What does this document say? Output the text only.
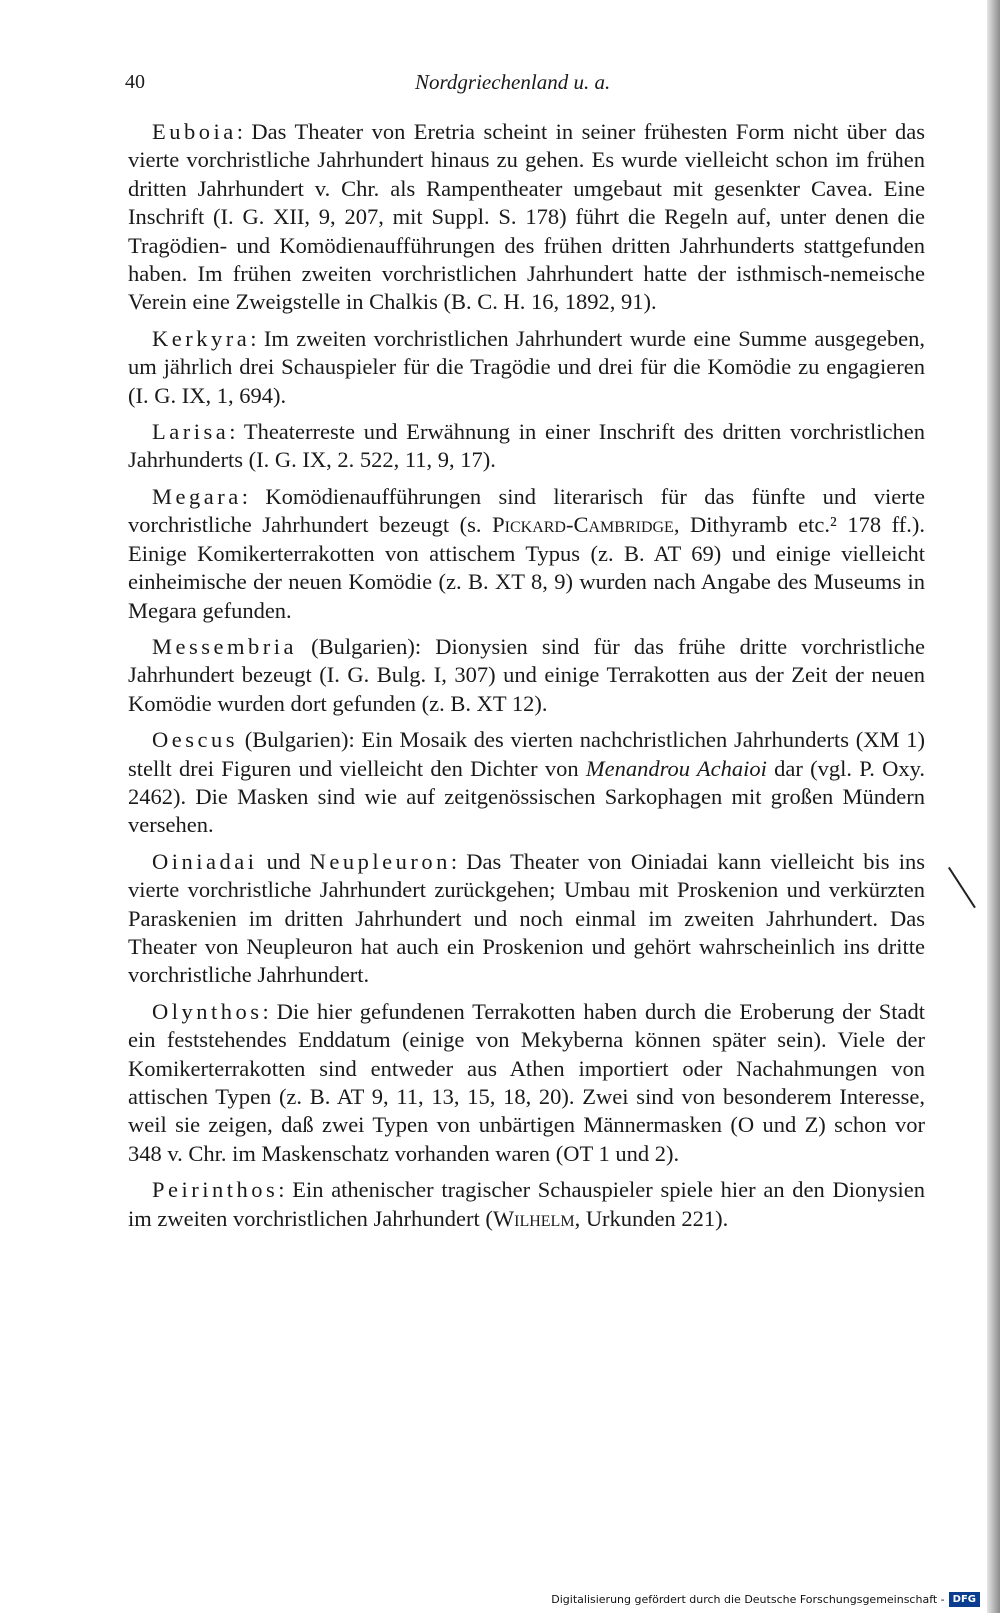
40	Nordgriechenland u. a.

Euboia: Das Theater von Eretria scheint in seiner frühesten Form nicht über das vierte vorchristliche Jahrhundert hinaus zu gehen. Es wurde vielleicht schon im frühen dritten Jahrhundert v. Chr. als Rampentheater umgebaut mit gesenkter Cavea. Eine Inschrift (I. G. XII, 9, 207, mit Suppl. S. 178) führt die Regeln auf, unter denen die Tragödien- und Komödienaufführungen des frühen dritten Jahrhunderts stattgefunden haben. Im frühen zweiten vorchristlichen Jahrhundert hatte der isthmisch-nemeische Verein eine Zweigstelle in Chalkis (B. C. H. 16, 1892, 91).

Kerkyra: Im zweiten vorchristlichen Jahrhundert wurde eine Summe ausgegeben, um jährlich drei Schauspieler für die Tragödie und drei für die Komödie zu engagieren (I. G. IX, 1, 694).

Larisa: Theaterreste und Erwähnung in einer Inschrift des dritten vorchristlichen Jahrhunderts (I. G. IX, 2. 522, 11, 9, 17).

Megara: Komödienaufführungen sind literarisch für das fünfte und vierte vorchristliche Jahrhundert bezeugt (s. Pickard-Cambridge, Dithyramb etc.² 178 ff.). Einige Komikerterrakotten von attischem Typus (z. B. AT 69) und einige vielleicht einheimische der neuen Komödie (z. B. XT 8, 9) wurden nach Angabe des Museums in Megara gefunden.

Messembria (Bulgarien): Dionysien sind für das frühe dritte vorchristliche Jahrhundert bezeugt (I. G. Bulg. I, 307) und einige Terrakotten aus der Zeit der neuen Komödie wurden dort gefunden (z. B. XT 12).

Oescus (Bulgarien): Ein Mosaik des vierten nachchristlichen Jahrhunderts (XM 1) stellt drei Figuren und vielleicht den Dichter von Menandrou Achaioi dar (vgl. P. Oxy. 2462). Die Masken sind wie auf zeitgenössischen Sarkophagen mit großen Mündern versehen.

Oiniadai und Neupleuron: Das Theater von Oiniadai kann vielleicht bis ins vierte vorchristliche Jahrhundert zurückgehen; Umbau mit Proskenion und verkürzten Paraskenien im dritten Jahrhundert und noch einmal im zweiten Jahrhundert. Das Theater von Neupleuron hat auch ein Proskenion und gehört wahrscheinlich ins dritte vorchristliche Jahrhundert.

Olynthos: Die hier gefundenen Terrakotten haben durch die Eroberung der Stadt ein feststehendes Enddatum (einige von Mekyberna können später sein). Viele der Komikerterrakotten sind entweder aus Athen importiert oder Nachahmungen von attischen Typen (z. B. AT 9, 11, 13, 15, 18, 20). Zwei sind von besonderem Interesse, weil sie zeigen, daß zwei Typen von unbärtigen Männermasken (O und Z) schon vor 348 v. Chr. im Maskenschatz vorhanden waren (OT 1 und 2).

Peirinthos: Ein athenischer tragischer Schauspieler spiele hier an den Dionysien im zweiten vorchristlichen Jahrhundert (Wilhelm, Urkunden 221).

Digitalisierung gefördert durch die Deutsche Forschungsgemeinschaft - DFG
